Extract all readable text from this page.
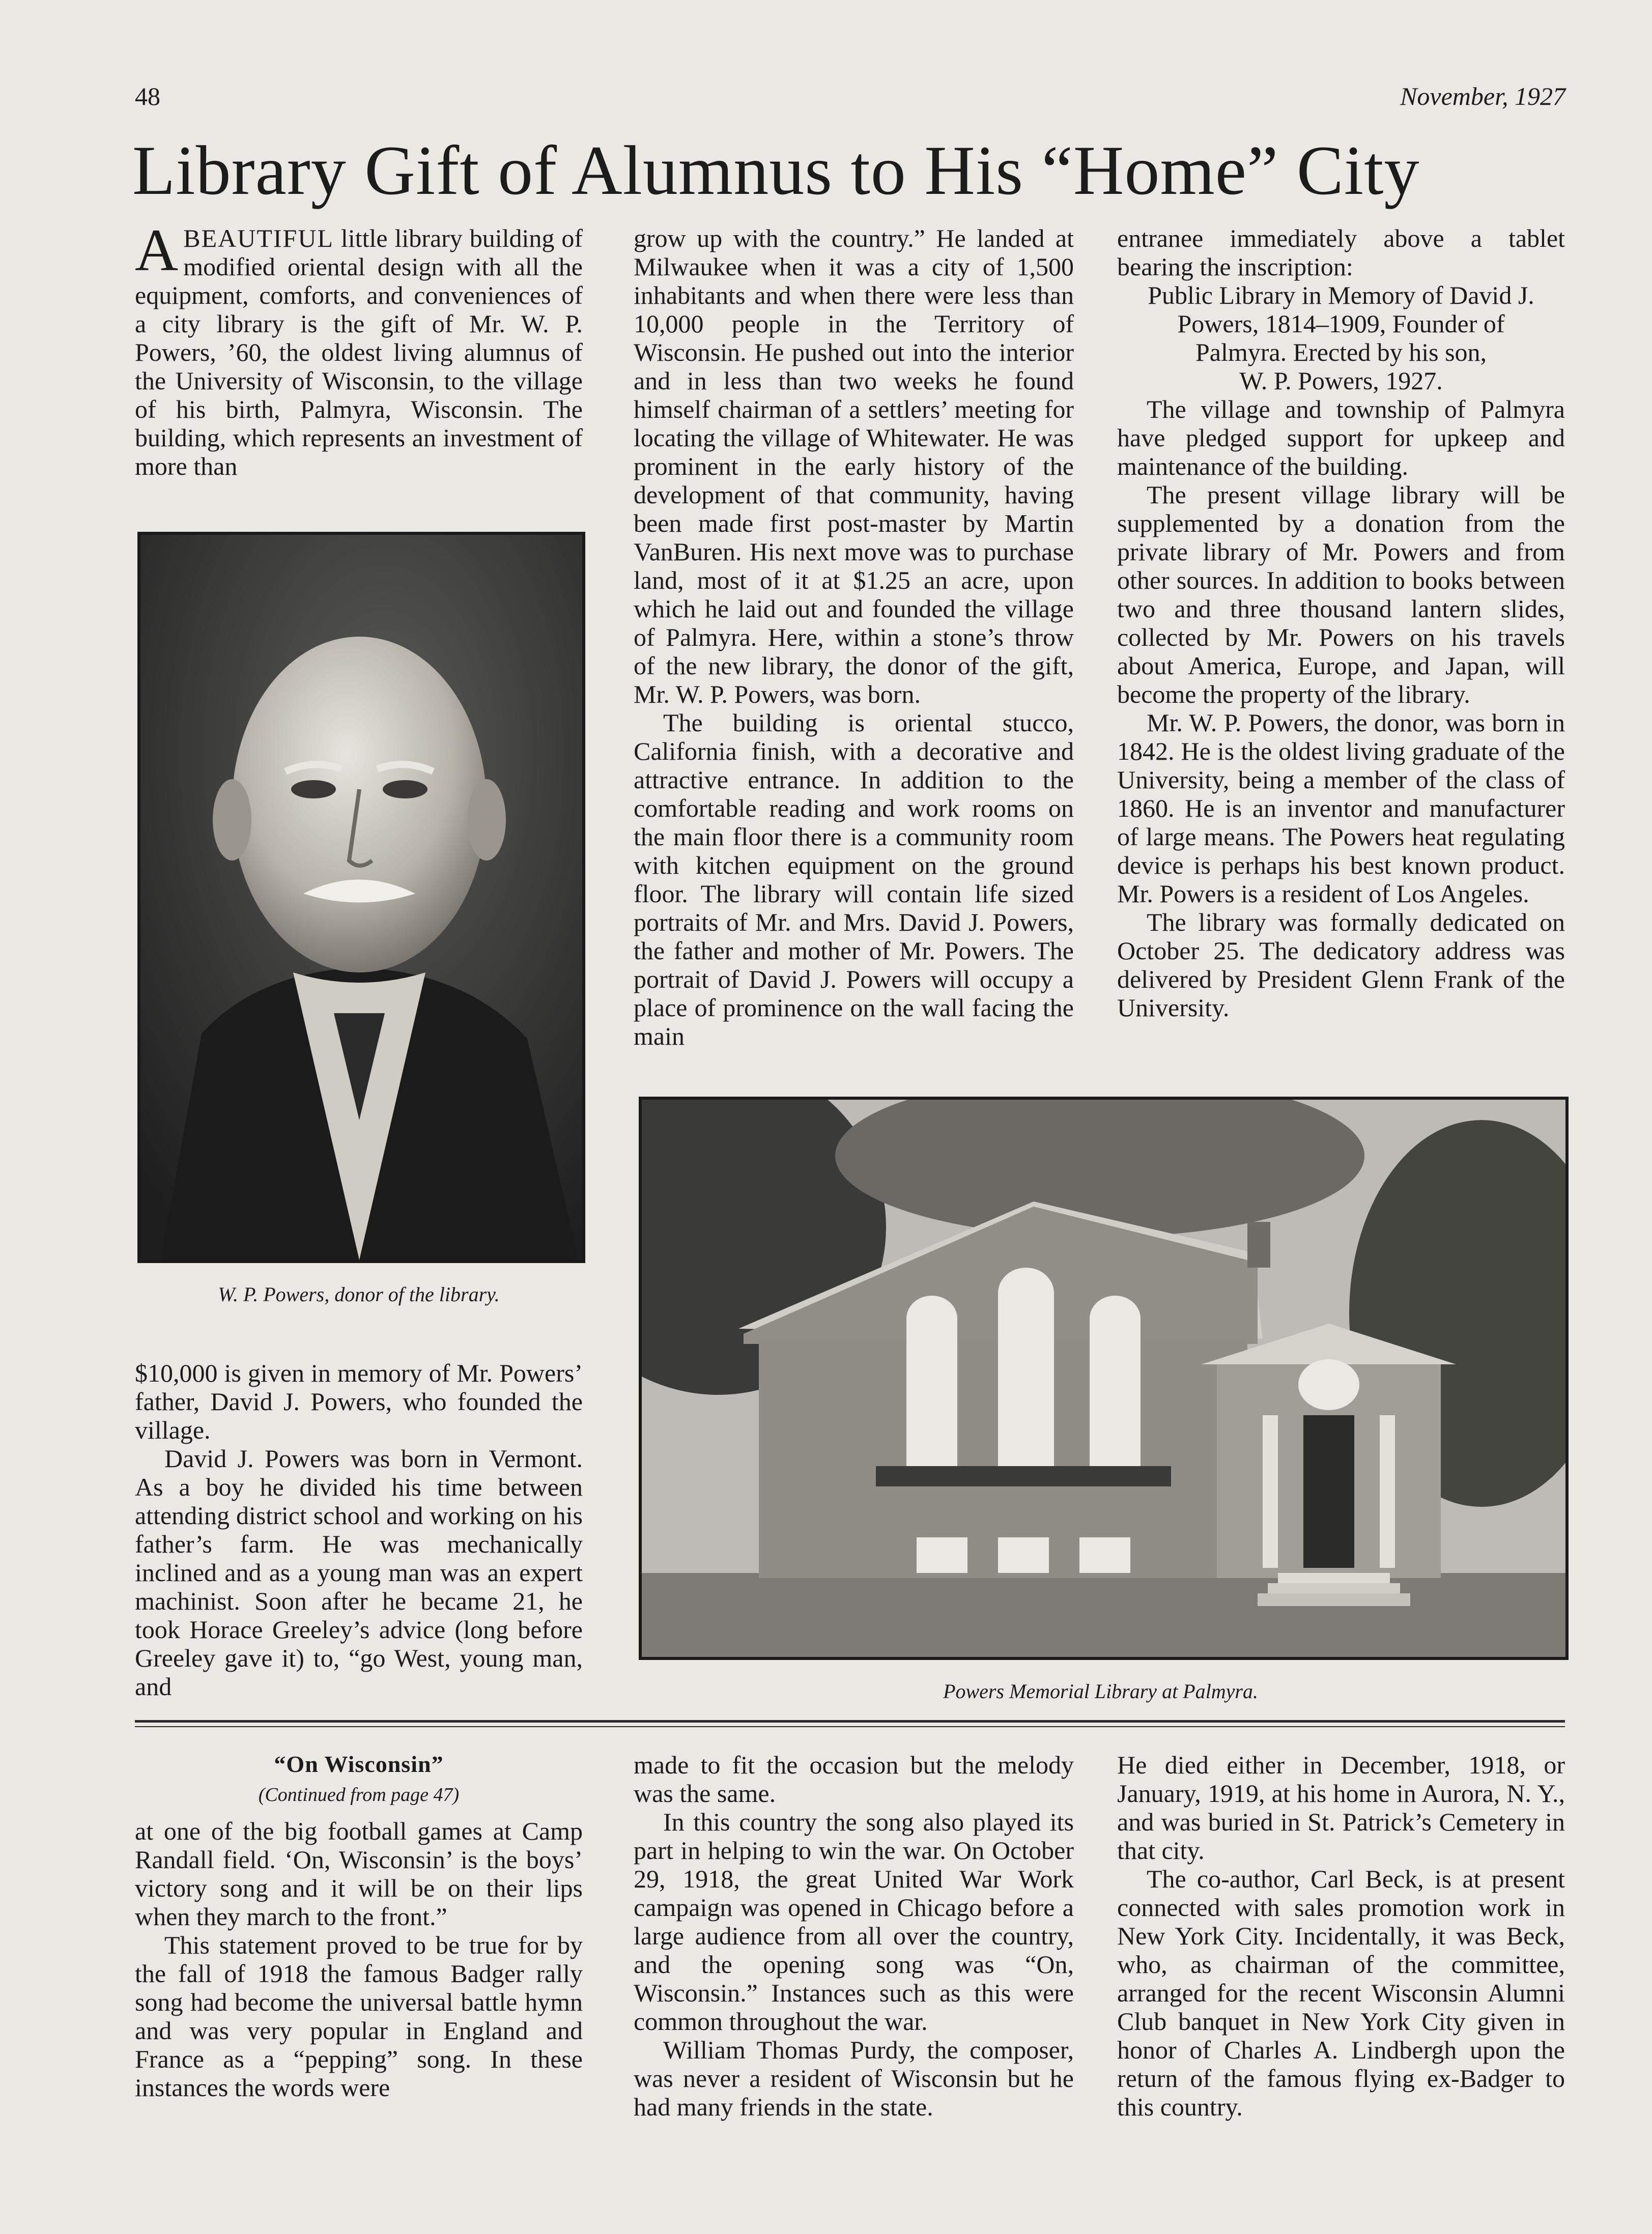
48	November, 1927
Library Gift of Alumnus to His “Home” City

ABEAUTIFUL little library building of modified oriental design with all the equipment, comforts, and conveniences of a city library is the gift of Mr. W. P. Powers, ’60, the oldest living alumnus of the University of Wisconsin, to the village of his birth, Palmyra, Wisconsin. The building, which represents an investment of more than

W. P. Powers, donor of the library.

$10,000 is given in memory of Mr. Powers’ father, David J. Powers, who founded the village.

David J. Powers was born in Vermont. As a boy he divided his time between attending district school and working on his father’s farm. He was mechanically inclined and as a young man was an expert machinist. Soon after he became 21, he took Horace Greeley’s advice (long before Greeley gave it) to, “go West, young man, and

grow up with the country.” He landed at Milwaukee when it was a city of 1,500 inhabitants and when there were less than 10,000 people in the Territory of Wisconsin. He pushed out into the interior and in less than two weeks he found himself chairman of a settlers’ meeting for locating the village of Whitewater. He was prominent in the early history of the development of that community, having been made first post-master by Martin VanBuren. His next move was to purchase land, most of it at $1.25 an acre, upon which he laid out and founded the village of Palmyra. Here, within a stone’s throw of the new library, the donor of the gift, Mr. W. P. Powers, was born.

The building is oriental stucco, California finish, with a decorative and attractive entrance. In addition to the comfortable reading and work rooms on the main floor there is a community room with kitchen equipment on the ground floor. The library will contain life sized portraits of Mr. and Mrs. David J. Powers, the father and mother of Mr. Powers. The portrait of David J. Powers will occupy a place of prominence on the wall facing the main

entranee immediately above a tablet bearing the inscription:

Public Library in Memory of David J.

Powers, 1814–1909, Founder of

Palmyra. Erected by his son,

W. P. Powers, 1927.

The village and township of Palmyra have pledged support for upkeep and maintenance of the building.

The present village library will be supplemented by a donation from the private library of Mr. Powers and from other sources. In addition to books between two and three thousand lantern slides, collected by Mr. Powers on his travels about America, Europe, and Japan, will become the property of the library.

Mr. W. P. Powers, the donor, was born in 1842. He is the oldest living graduate of the University, being a member of the class of 1860. He is an inventor and manufacturer of large means. The Powers heat regulating device is perhaps his best known product. Mr. Powers is a resident of Los Angeles.

The library was formally dedicated on October 25. The dedicatory address was delivered by President Glenn Frank of the University.

Powers Memorial Library at Palmyra.
“On Wisconsin”
(Continued from page 47)

at one of the big football games at Camp Randall field. ‘On, Wisconsin’ is the boys’ victory song and it will be on their lips when they march to the front.”

This statement proved to be true for by the fall of 1918 the famous Badger rally song had become the universal battle hymn and was very popular in England and France as a “pepping” song. In these instances the words were

made to fit the occasion but the melody was the same.

In this country the song also played its part in helping to win the war. On October 29, 1918, the great United War Work campaign was opened in Chicago before a large audience from all over the country, and the opening song was “On, Wisconsin.” Instances such as this were common throughout the war.

William Thomas Purdy, the composer, was never a resident of Wisconsin but he had many friends in the state.

He died either in December, 1918, or January, 1919, at his home in Aurora, N. Y., and was buried in St. Patrick’s Cemetery in that city.

The co-author, Carl Beck, is at present connected with sales promotion work in New York City. Incidentally, it was Beck, who, as chairman of the committee, arranged for the recent Wisconsin Alumni Club banquet in New York City given in honor of Charles A. Lindbergh upon the return of the famous flying ex-Badger to this country.
